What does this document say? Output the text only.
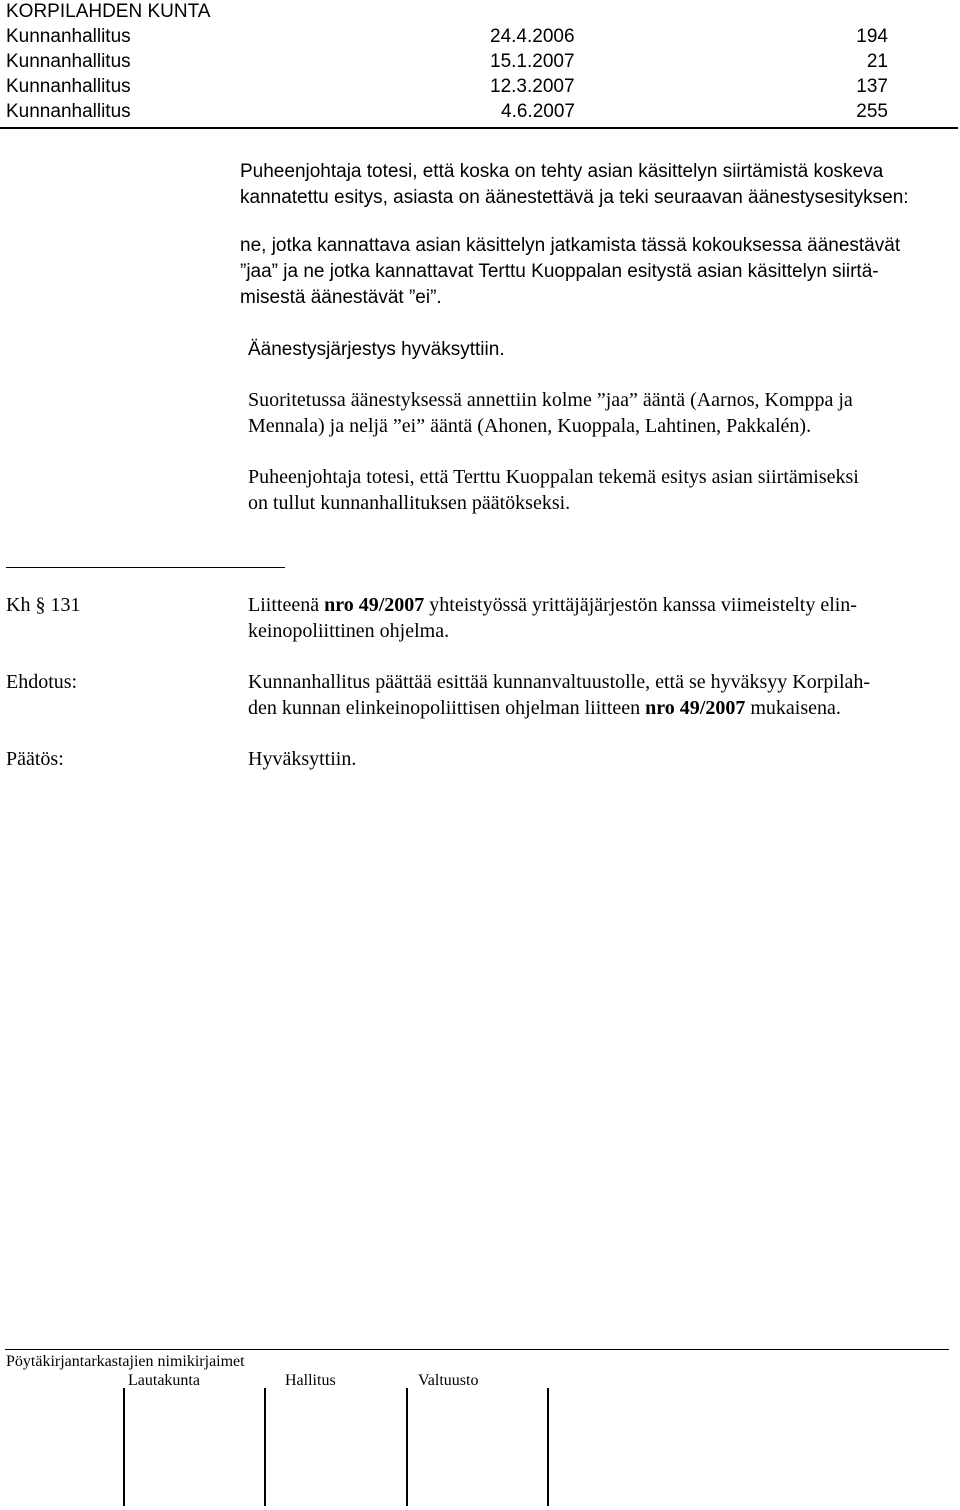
KORPILAHDEN KUNTA
Kunnanhallitus	24.4.2006	194
Kunnanhallitus	15.1.2007	21
Kunnanhallitus	12.3.2007	137
Kunnanhallitus	4.6.2007	255
Puheenjohtaja totesi, että koska on tehty asian käsittelyn siirtämistä koskeva
kannatettu esitys, asiasta on äänestettävä ja teki seuraavan äänestysesityksen:
ne, jotka kannattava asian käsittelyn jatkamista tässä kokouksessa äänestävät
”jaa” ja ne jotka kannattavat Terttu Kuoppalan esitystä asian käsittelyn siirtä-
misestä äänestävät ”ei”.
Äänestysjärjestys hyväksyttiin.
Suoritetussa äänestyksessä annettiin kolme ”jaa” ääntä (Aarnos, Komppa ja
Mennala) ja neljä ”ei” ääntä (Ahonen, Kuoppala, Lahtinen, Pakkalén).
Puheenjohtaja totesi, että Terttu Kuoppalan tekemä esitys asian siirtämiseksi
on tullut kunnanhallituksen päätökseksi.
Kh § 131	Liitteenä nro 49/2007 yhteistyössä yrittäjäjärjestön kanssa viimeistelty elin-
keinopoliittinen ohjelma.
Ehdotus:	Kunnanhallitus päättää esittää kunnanvaltuustolle, että se hyväksyy Korpilah-
den kunnan elinkeinopoliittisen ohjelman liitteen nro 49/2007 mukaisena.
Päätös:	Hyväksyttiin.
Pöytäkirjantarkastajien nimikirjaimet
Lautakunta	Hallitus	Valtuusto
